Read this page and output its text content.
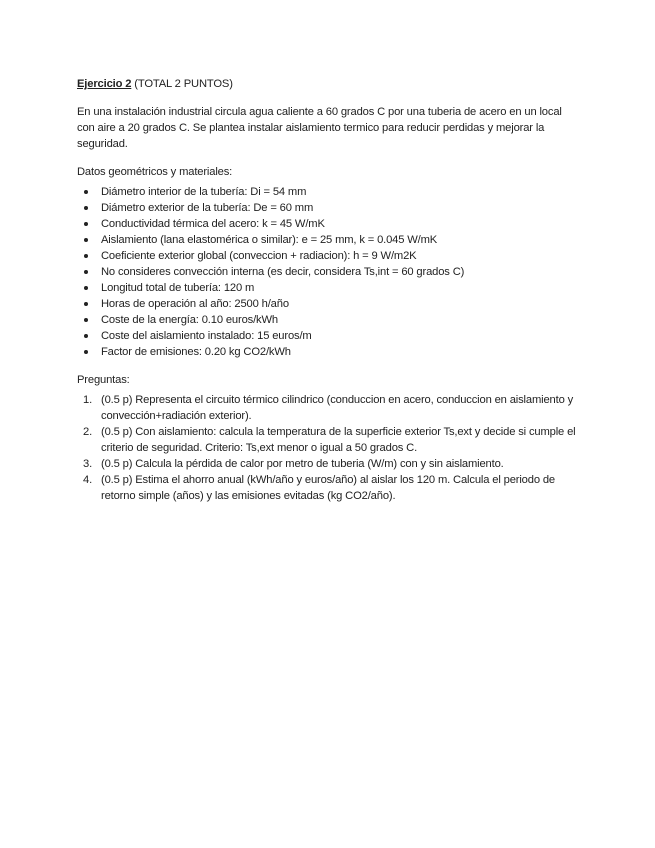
Ejercicio 2 (TOTAL 2 PUNTOS)

En una instalación industrial circula agua caliente a 60 grados C por una tuberia de acero en un local con aire a 20 grados C. Se plantea instalar aislamiento termico para reducir perdidas y mejorar la seguridad.

Datos geométricos y materiales:

Diámetro interior de la tubería: Di = 54 mm
Diámetro exterior de la tubería: De = 60 mm
Conductividad térmica del acero: k = 45 W/mK
Aislamiento (lana elastomérica o similar): e = 25 mm, k = 0.045 W/mK
Coeficiente exterior global (conveccion + radiacion): h = 9 W/m2K
No consideres convección interna (es decir, considera Ts,int = 60 grados C)
Longitud total de tubería: 120 m
Horas de operación al año: 2500 h/año
Coste de la energía: 0.10 euros/kWh
Coste del aislamiento instalado: 15 euros/m
Factor de emisiones: 0.20 kg CO2/kWh

Preguntas:

1. (0.5 p) Representa el circuito térmico cilindrico (conduccion en acero, conduccion en aislamiento y convección+radiación exterior).
2. (0.5 p) Con aislamiento: calcula la temperatura de la superficie exterior Ts,ext y decide si cumple el criterio de seguridad. Criterio: Ts,ext menor o igual a 50 grados C.
3. (0.5 p) Calcula la pérdida de calor por metro de tuberia (W/m) con y sin aislamiento.
4. (0.5 p) Estima el ahorro anual (kWh/año y euros/año) al aislar los 120 m. Calcula el periodo de retorno simple (años) y las emisiones evitadas (kg CO2/año).
